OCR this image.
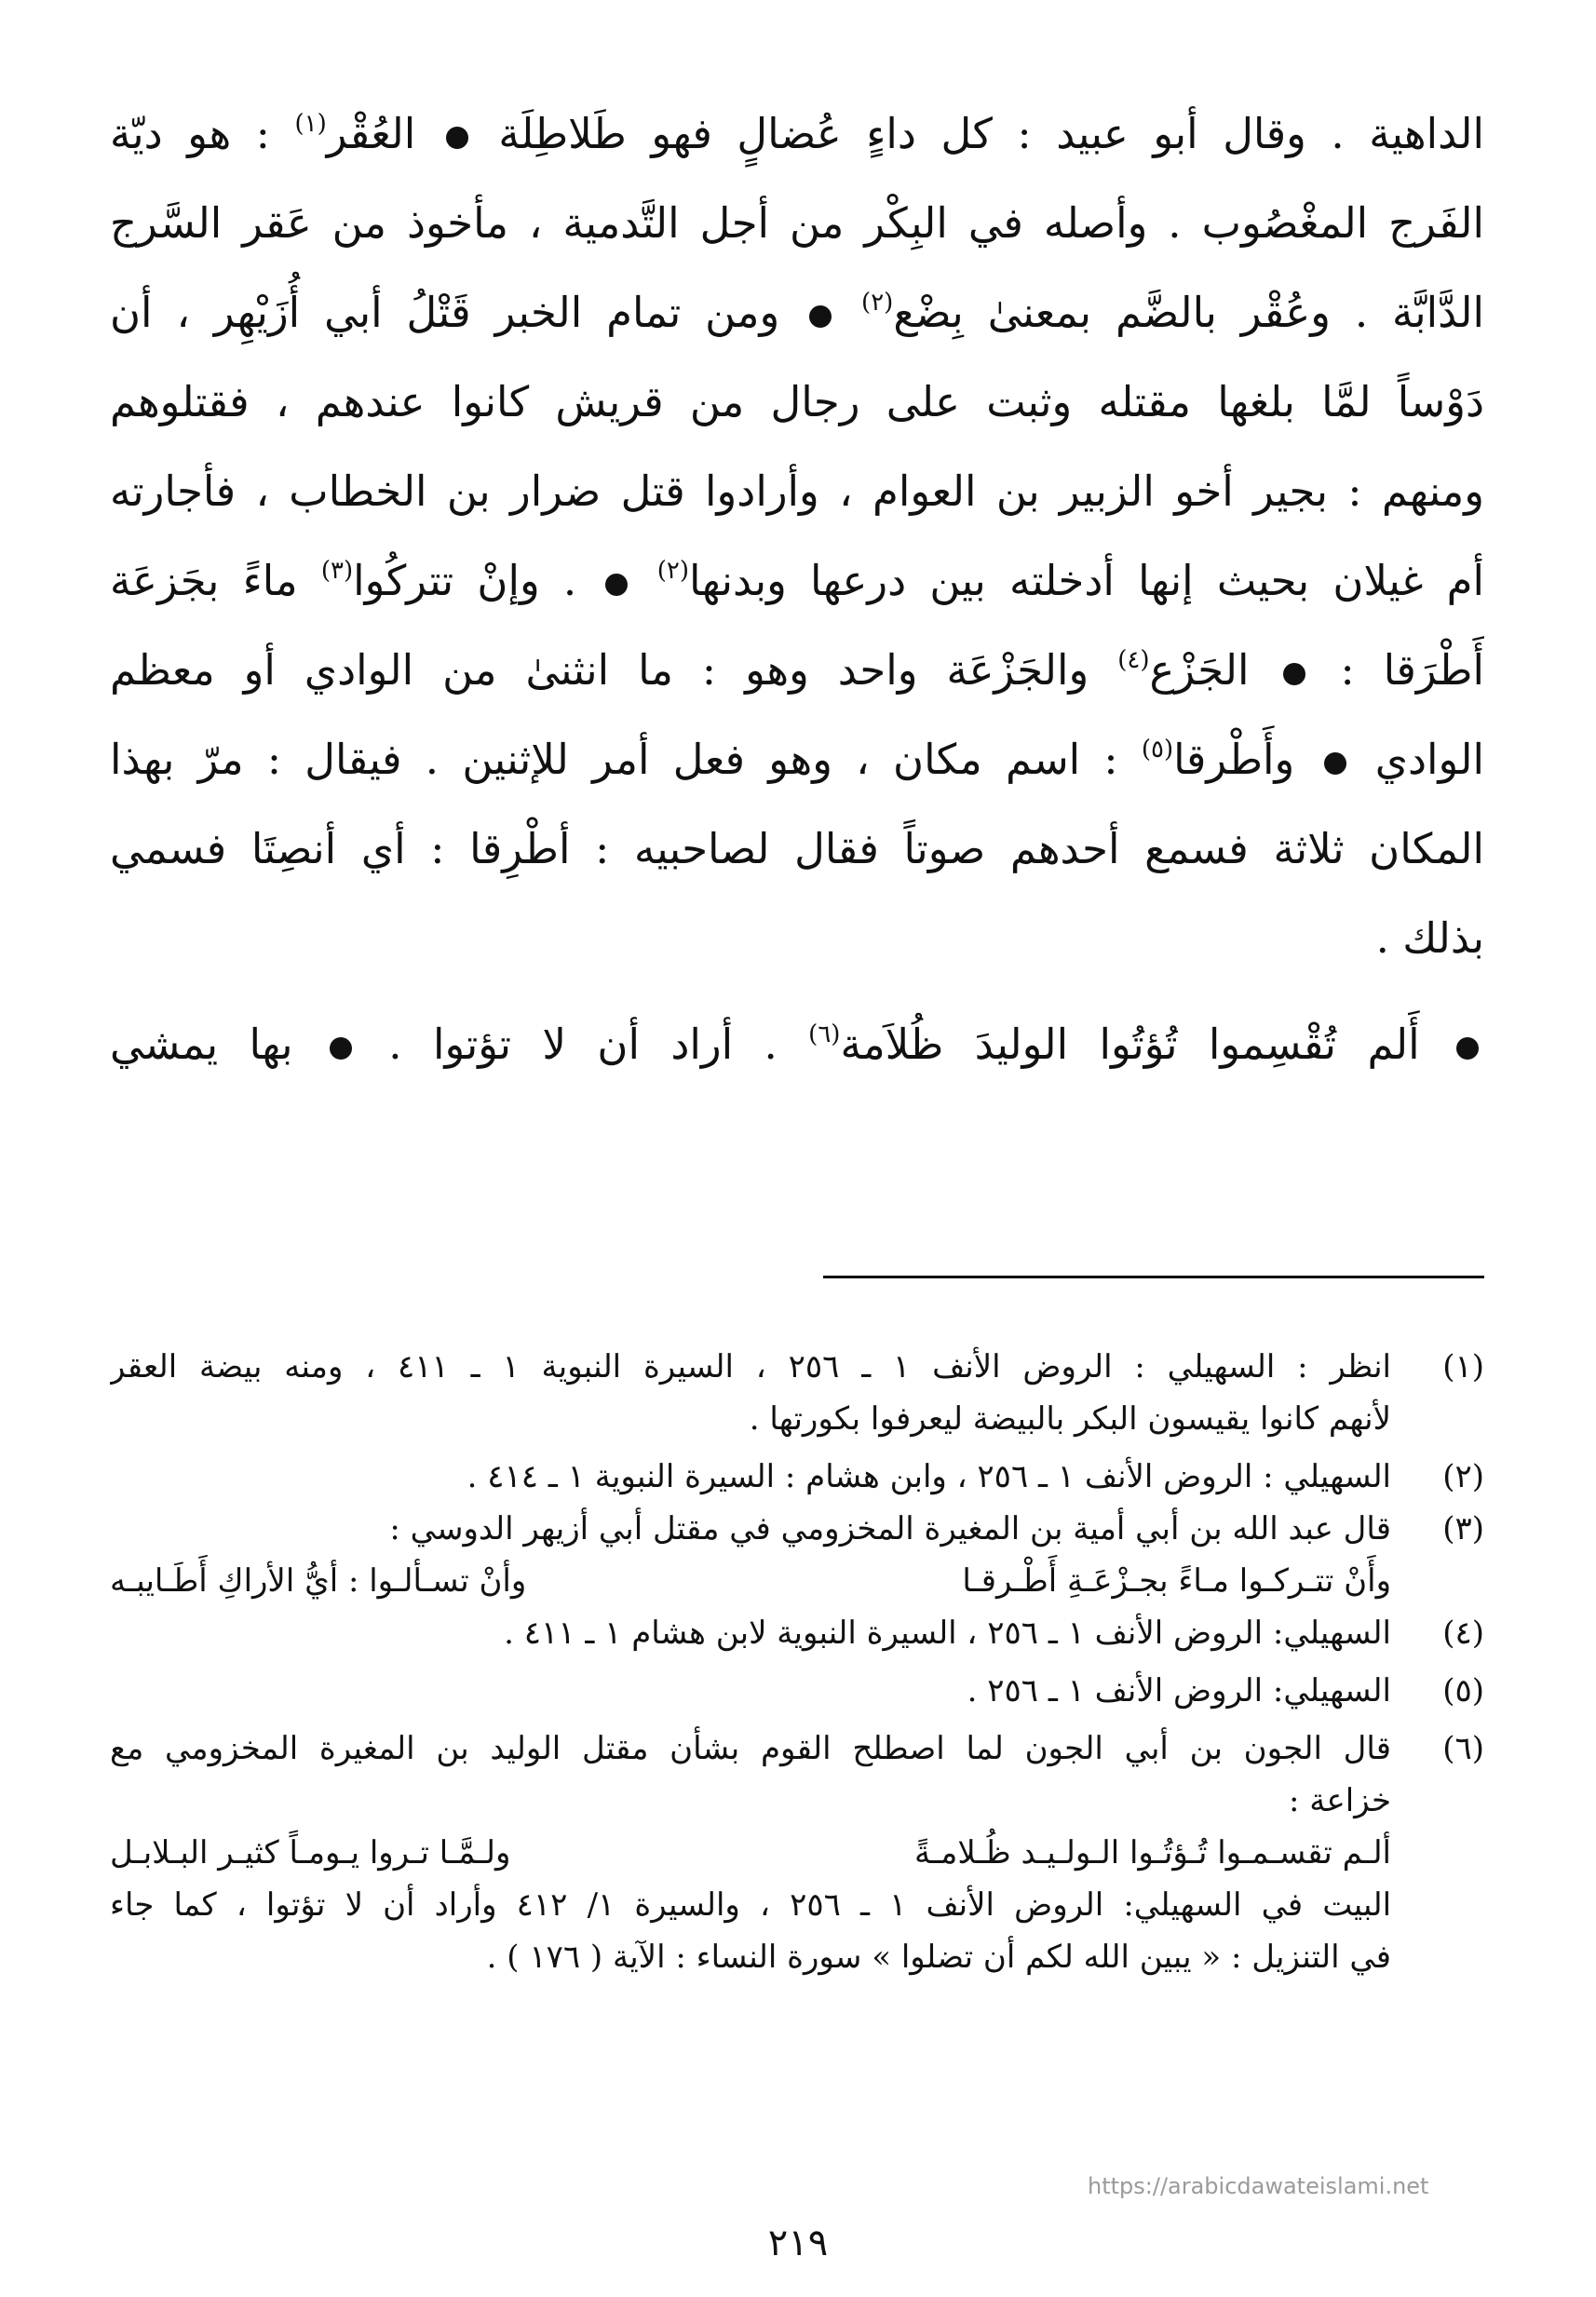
الداهية . وقال أبو عبيد : كل داءٍ عُضالٍ فهو طَلاطِلَة  العُقْر$^{(١)}$ : هو ديّة
الفَرج المغْصُوب . وأصله في البِكْر من أجل التَّدمية ، مأخوذ من عَقر السَّرج
الدَّابَّة . وعُقْر بالضَّم بمعنىٰ بِضْع$^{(٢)}$  ومن تمام الخبر قَتْلُ أبي أُزَيْهِر ، أن
دَوْساً لمَّا بلغها مقتله وثبت على رجال من قريش كانوا عندهم ، فقتلوهم
ومنهم : بجير أخو الزبير بن العوام ، وأرادوا قتل ضرار بن الخطاب ، فأجارته
أم غيلان بحيث إنها أدخلته بين درعها وبدنها$^{(٢)}$  . وإنْ تتركُوا$^{(٣)}$ ماءً بجَزعَة
أَطْرَقا :  الجَزْع$^{(٤)}$ والجَزْعَة واحد وهو : ما انثنىٰ من الوادي أو معظم
الوادي  وأَطْرقا$^{(٥)}$ : اسم مكان ، وهو فعل أمر للإثنين . فيقال : مرّ بهذا
المكان ثلاثة فسمع أحدهم صوتاً فقال لصاحبيه : أطْرِقا : أي أنصِتَا فسمي
بذلك .
أَلم تُقْسِموا تُؤتُوا الوليدَ ظُلاَمة$^{(٦)}$ . أراد أن لا تؤتوا .  بها يمشي
(١)
انظر : السهيلي : الروض الأنف ١ ـ ٢٥٦ ، السيرة النبوية ١ ـ ٤١١ ، ومنه بيضة العقر
لأنهم كانوا يقيسون البكر بالبيضة ليعرفوا بكورتها .
(٢)
السهيلي : الروض الأنف ١ ـ ٢٥٦ ، وابن هشام : السيرة النبوية ١ ـ ٤١٤ .
(٣)
قال عبد الله بن أبي أمية بن المغيرة المخزومي في مقتل أبي أزيهر الدوسي :
وأَنْ تتـركـوا مـاءً بجـزْعَـةِ أَطْـرقـا
وأنْ تسـألـوا : أيُّ الأراكِ أَطَـايبـه
(٤)
السهيلي: الروض الأنف ١ ـ ٢٥٦ ، السيرة النبوية لابن هشام ١ ـ ٤١١ .
(٥)
السهيلي: الروض الأنف ١ ـ ٢٥٦ .
(٦)
قال الجون بن أبي الجون لما اصطلح القوم بشأن مقتل الوليد بن المغيرة المخزومي مع
خزاعة :
ألـم تقسـمـوا تُـؤتُـوا الـولـيـد ظُـلامـةً
ولـمَّـا تـروا يـومـاً كثيـر البـلابـل
البيت في السهيلي: الروض الأنف ١ ـ ٢٥٦ ، والسيرة ١/ ٤١٢ وأراد أن لا تؤتوا ، كما جاء
في التنزيل : « يبين الله لكم أن تضلوا » سورة النساء : الآية ( ١٧٦ ) .
https://arabicdawateislami.net
٢١٩
